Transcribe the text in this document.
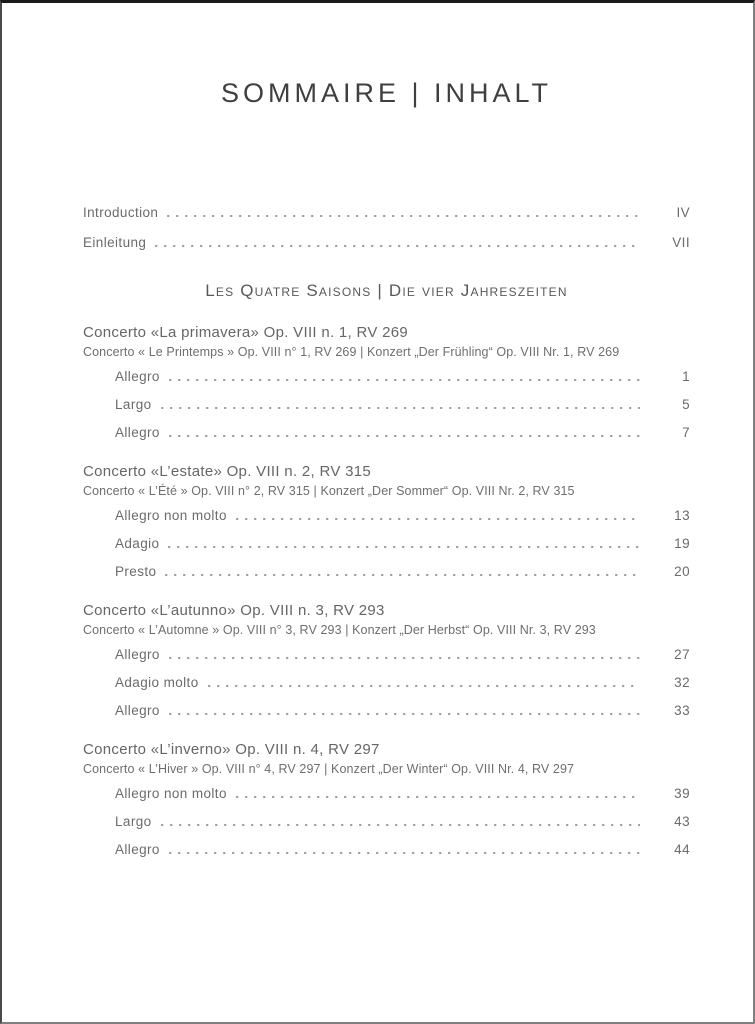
SOMMAIRE | INHALT
Introduction	IV
Einleitung	VII
Les Quatre Saisons | Die vier Jahreszeiten
Concerto «La primavera» Op. VIII n. 1, RV 269
Concerto « Le Printemps » Op. VIII n° 1, RV 269 | Konzert „Der Frühling“ Op. VIII Nr. 1, RV 269
Allegro	1
Largo	5
Allegro	7
Concerto «L’estate» Op. VIII n. 2, RV 315
Concerto « L’Été » Op. VIII n° 2, RV 315 | Konzert „Der Sommer“ Op. VIII Nr. 2, RV 315
Allegro non molto	13
Adagio	19
Presto	20
Concerto «L’autunno» Op. VIII n. 3, RV 293
Concerto « L’Automne » Op. VIII n° 3, RV 293 | Konzert „Der Herbst“ Op. VIII Nr. 3, RV 293
Allegro	27
Adagio molto	32
Allegro	33
Concerto «L’inverno» Op. VIII n. 4, RV 297
Concerto « L’Hiver » Op. VIII n° 4, RV 297 | Konzert „Der Winter“ Op. VIII Nr. 4, RV 297
Allegro non molto	39
Largo	43
Allegro	44
